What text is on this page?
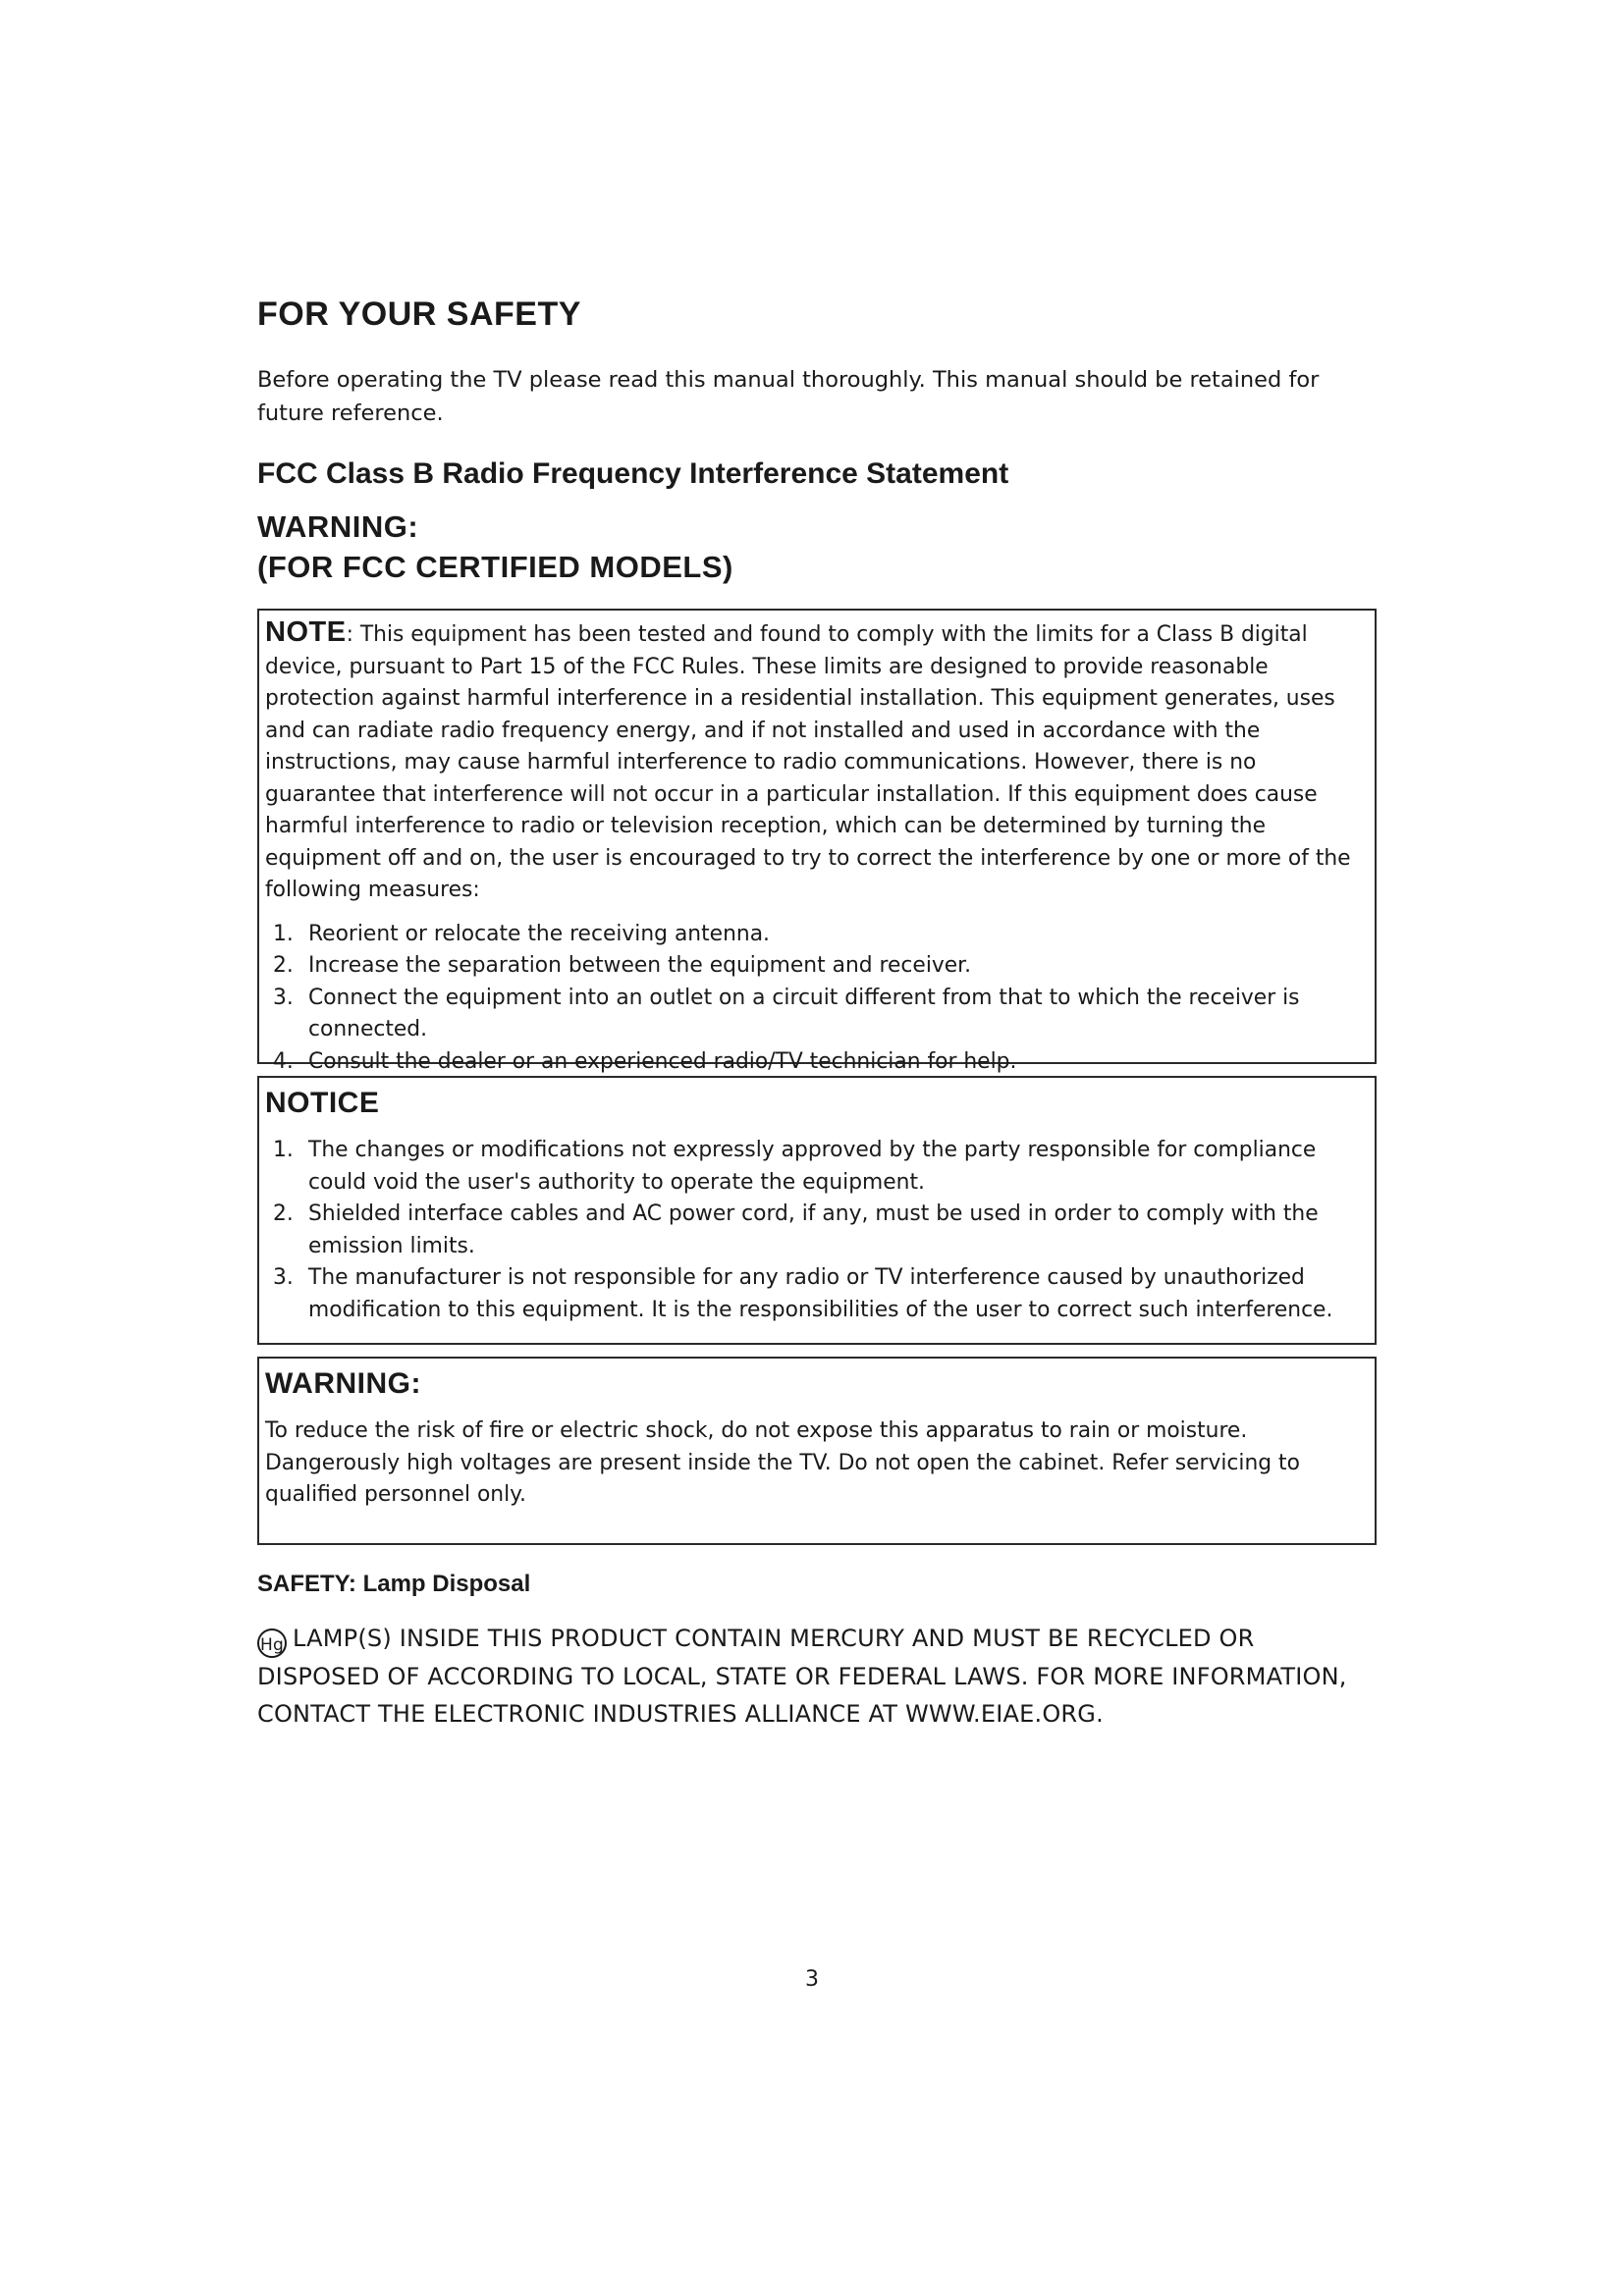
FOR YOUR SAFETY

Before operating the TV please read this manual thoroughly. This manual should be retained for future reference.

FCC Class B Radio Frequency Interference Statement
WARNING:
(FOR FCC CERTIFIED MODELS)

NOTE: This equipment has been tested and found to comply with the limits for a Class B digital device, pursuant to Part 15 of the FCC Rules. These limits are designed to provide reasonable protection against harmful interference in a residential installation. This equipment generates, uses and can radiate radio frequency energy, and if not installed and used in accordance with the instructions, may cause harmful interference to radio communications. However, there is no guarantee that interference will not occur in a particular installation. If this equipment does cause harmful interference to radio or television reception, which can be determined by turning the equipment off and on, the user is encouraged to try to correct the interference by one or more of the following measures:

1. Reorient or relocate the receiving antenna.
2. Increase the separation between the equipment and receiver.
3. Connect the equipment into an outlet on a circuit different from that to which the receiver is connected.
4. Consult the dealer or an experienced radio/TV technician for help.
NOTICE
1. The changes or modifications not expressly approved by the party responsible for compliance could void the user's authority to operate the equipment.
2. Shielded interface cables and AC power cord, if any, must be used in order to comply with the emission limits.
3. The manufacturer is not responsible for any radio or TV interference caused by unauthorized modification to this equipment. It is the responsibilities of the user to correct such interference.
WARNING:

To reduce the risk of fire or electric shock, do not expose this apparatus to rain or moisture. Dangerously high voltages are present inside the TV. Do not open the cabinet. Refer servicing to qualified personnel only.

SAFETY: Lamp Disposal
Hg LAMP(S) INSIDE THIS PRODUCT CONTAIN MERCURY AND MUST BE RECYCLED OR DISPOSED OF ACCORDING TO LOCAL, STATE OR FEDERAL LAWS. FOR MORE INFORMATION, CONTACT THE ELECTRONIC INDUSTRIES ALLIANCE AT WWW.EIAE.ORG.
3
